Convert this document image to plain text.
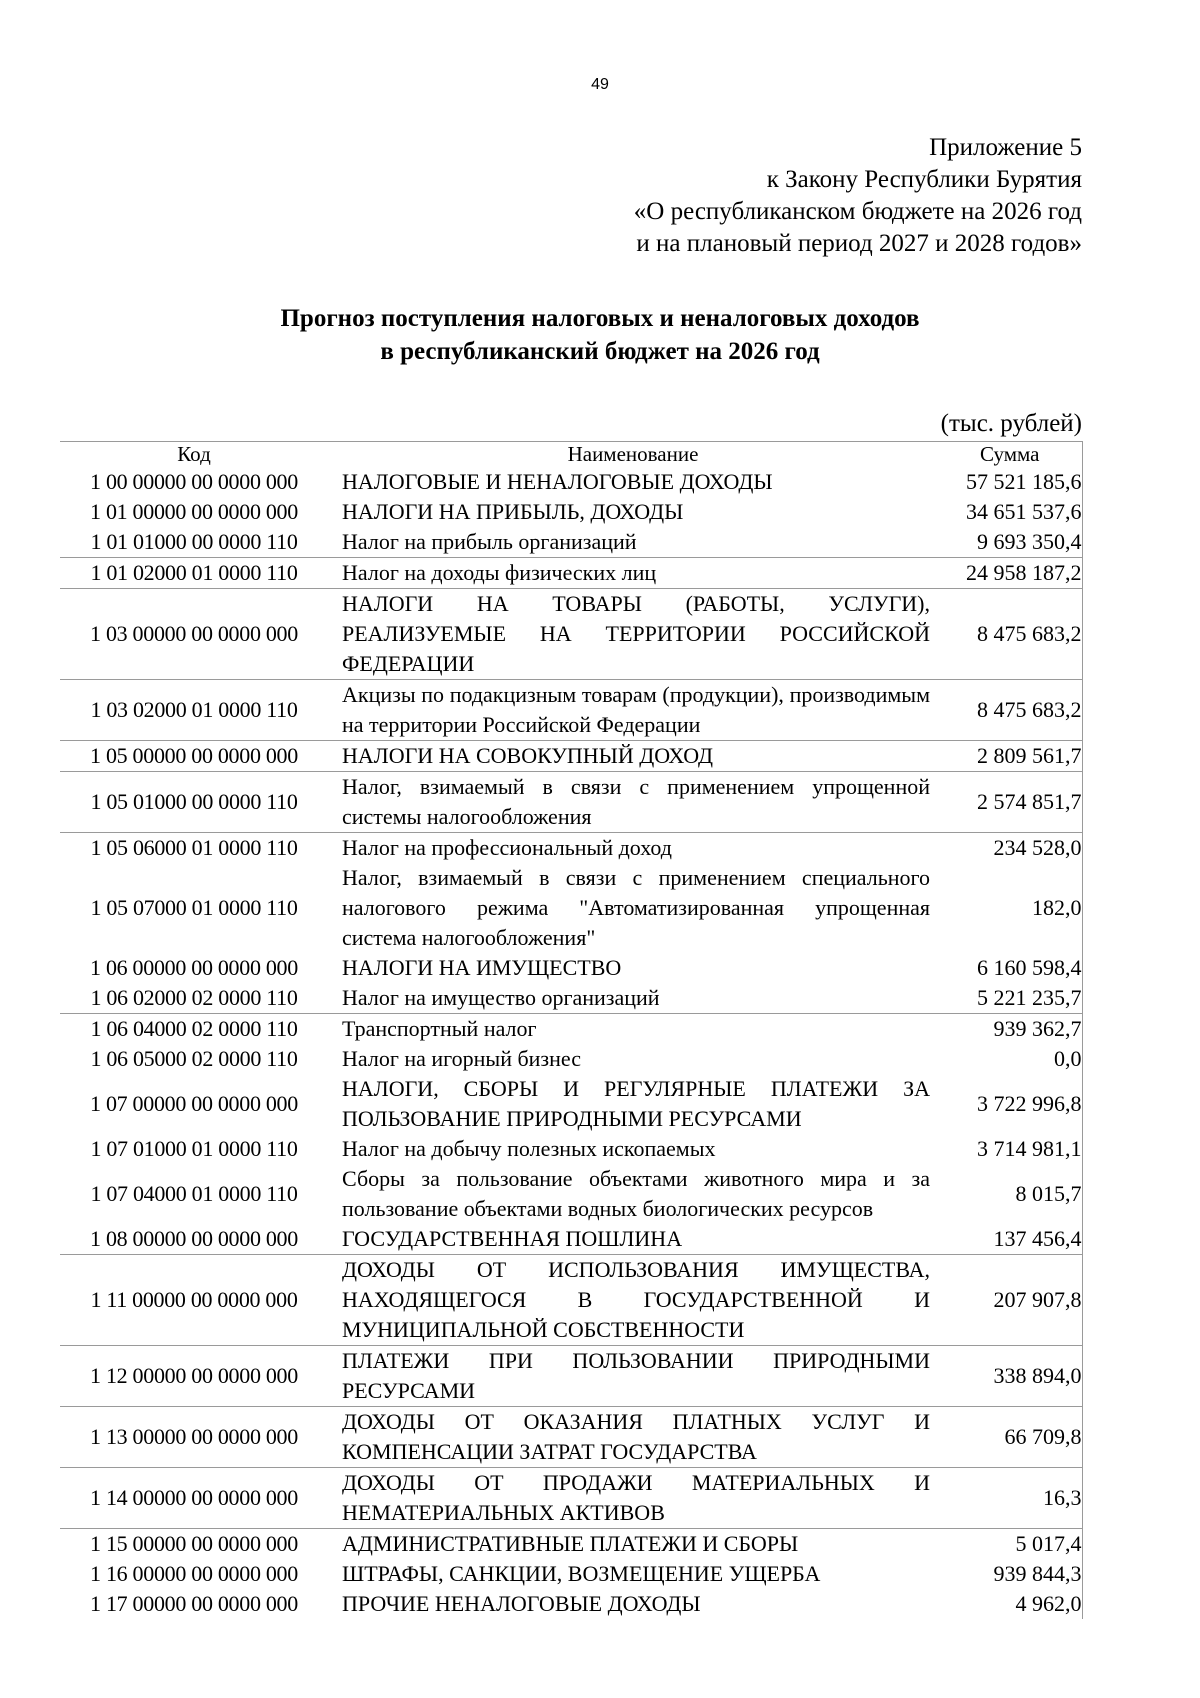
49
Приложение 5
к Закону Республики Бурятия
«О республиканском бюджете на 2026 год
и на плановый период 2027 и 2028 годов»
Прогноз поступления налоговых и неналоговых доходов
в республиканский бюджет на 2026 год
(тыс. рублей)
Код	Наименование	Сумма
1 00 00000 00 0000 000	НАЛОГОВЫЕ И НЕНАЛОГОВЫЕ ДОХОДЫ	57 521 185,6
1 01 00000 00 0000 000	НАЛОГИ НА ПРИБЫЛЬ, ДОХОДЫ	34 651 537,6
1 01 01000 00 0000 110	Налог на прибыль организаций	9 693 350,4
1 01 02000 01 0000 110	Налог на доходы физических лиц	24 958 187,2
1 03 00000 00 0000 000	НАЛОГИ НА ТОВАРЫ (РАБОТЫ, УСЛУГИ), РЕАЛИЗУЕМЫЕ НА ТЕРРИТОРИИ РОССИЙСКОЙ ФЕДЕРАЦИИ	8 475 683,2
1 03 02000 01 0000 110	Акцизы по подакцизным товарам (продукции), производимым на территории Российской Федерации	8 475 683,2
1 05 00000 00 0000 000	НАЛОГИ НА СОВОКУПНЫЙ ДОХОД	2 809 561,7
1 05 01000 00 0000 110	Налог, взимаемый в связи с применением упрощенной системы налогообложения	2 574 851,7
1 05 06000 01 0000 110	Налог на профессиональный доход	234 528,0
1 05 07000 01 0000 110	Налог, взимаемый в связи с применением специального налогового режима "Автоматизированная упрощенная система налогообложения"	182,0
1 06 00000 00 0000 000	НАЛОГИ НА ИМУЩЕСТВО	6 160 598,4
1 06 02000 02 0000 110	Налог на имущество организаций	5 221 235,7
1 06 04000 02 0000 110	Транспортный налог	939 362,7
1 06 05000 02 0000 110	Налог на игорный бизнес	0,0
1 07 00000 00 0000 000	НАЛОГИ, СБОРЫ И РЕГУЛЯРНЫЕ ПЛАТЕЖИ ЗА ПОЛЬЗОВАНИЕ ПРИРОДНЫМИ РЕСУРСАМИ	3 722 996,8
1 07 01000 01 0000 110	Налог на добычу полезных ископаемых	3 714 981,1
1 07 04000 01 0000 110	Сборы за пользование объектами животного мира и за пользование объектами водных биологических ресурсов	8 015,7
1 08 00000 00 0000 000	ГОСУДАРСТВЕННАЯ ПОШЛИНА	137 456,4
1 11 00000 00 0000 000	ДОХОДЫ ОТ ИСПОЛЬЗОВАНИЯ ИМУЩЕСТВА, НАХОДЯЩЕГОСЯ В ГОСУДАРСТВЕННОЙ И МУНИЦИПАЛЬНОЙ СОБСТВЕННОСТИ	207 907,8
1 12 00000 00 0000 000	ПЛАТЕЖИ ПРИ ПОЛЬЗОВАНИИ ПРИРОДНЫМИ РЕСУРСАМИ	338 894,0
1 13 00000 00 0000 000	ДОХОДЫ ОТ ОКАЗАНИЯ ПЛАТНЫХ УСЛУГ И КОМПЕНСАЦИИ ЗАТРАТ ГОСУДАРСТВА	66 709,8
1 14 00000 00 0000 000	ДОХОДЫ ОТ ПРОДАЖИ МАТЕРИАЛЬНЫХ И НЕМАТЕРИАЛЬНЫХ АКТИВОВ	16,3
1 15 00000 00 0000 000	АДМИНИСТРАТИВНЫЕ ПЛАТЕЖИ И СБОРЫ	5 017,4
1 16 00000 00 0000 000	ШТРАФЫ, САНКЦИИ, ВОЗМЕЩЕНИЕ УЩЕРБА	939 844,3
1 17 00000 00 0000 000	ПРОЧИЕ НЕНАЛОГОВЫЕ ДОХОДЫ	4 962,0
